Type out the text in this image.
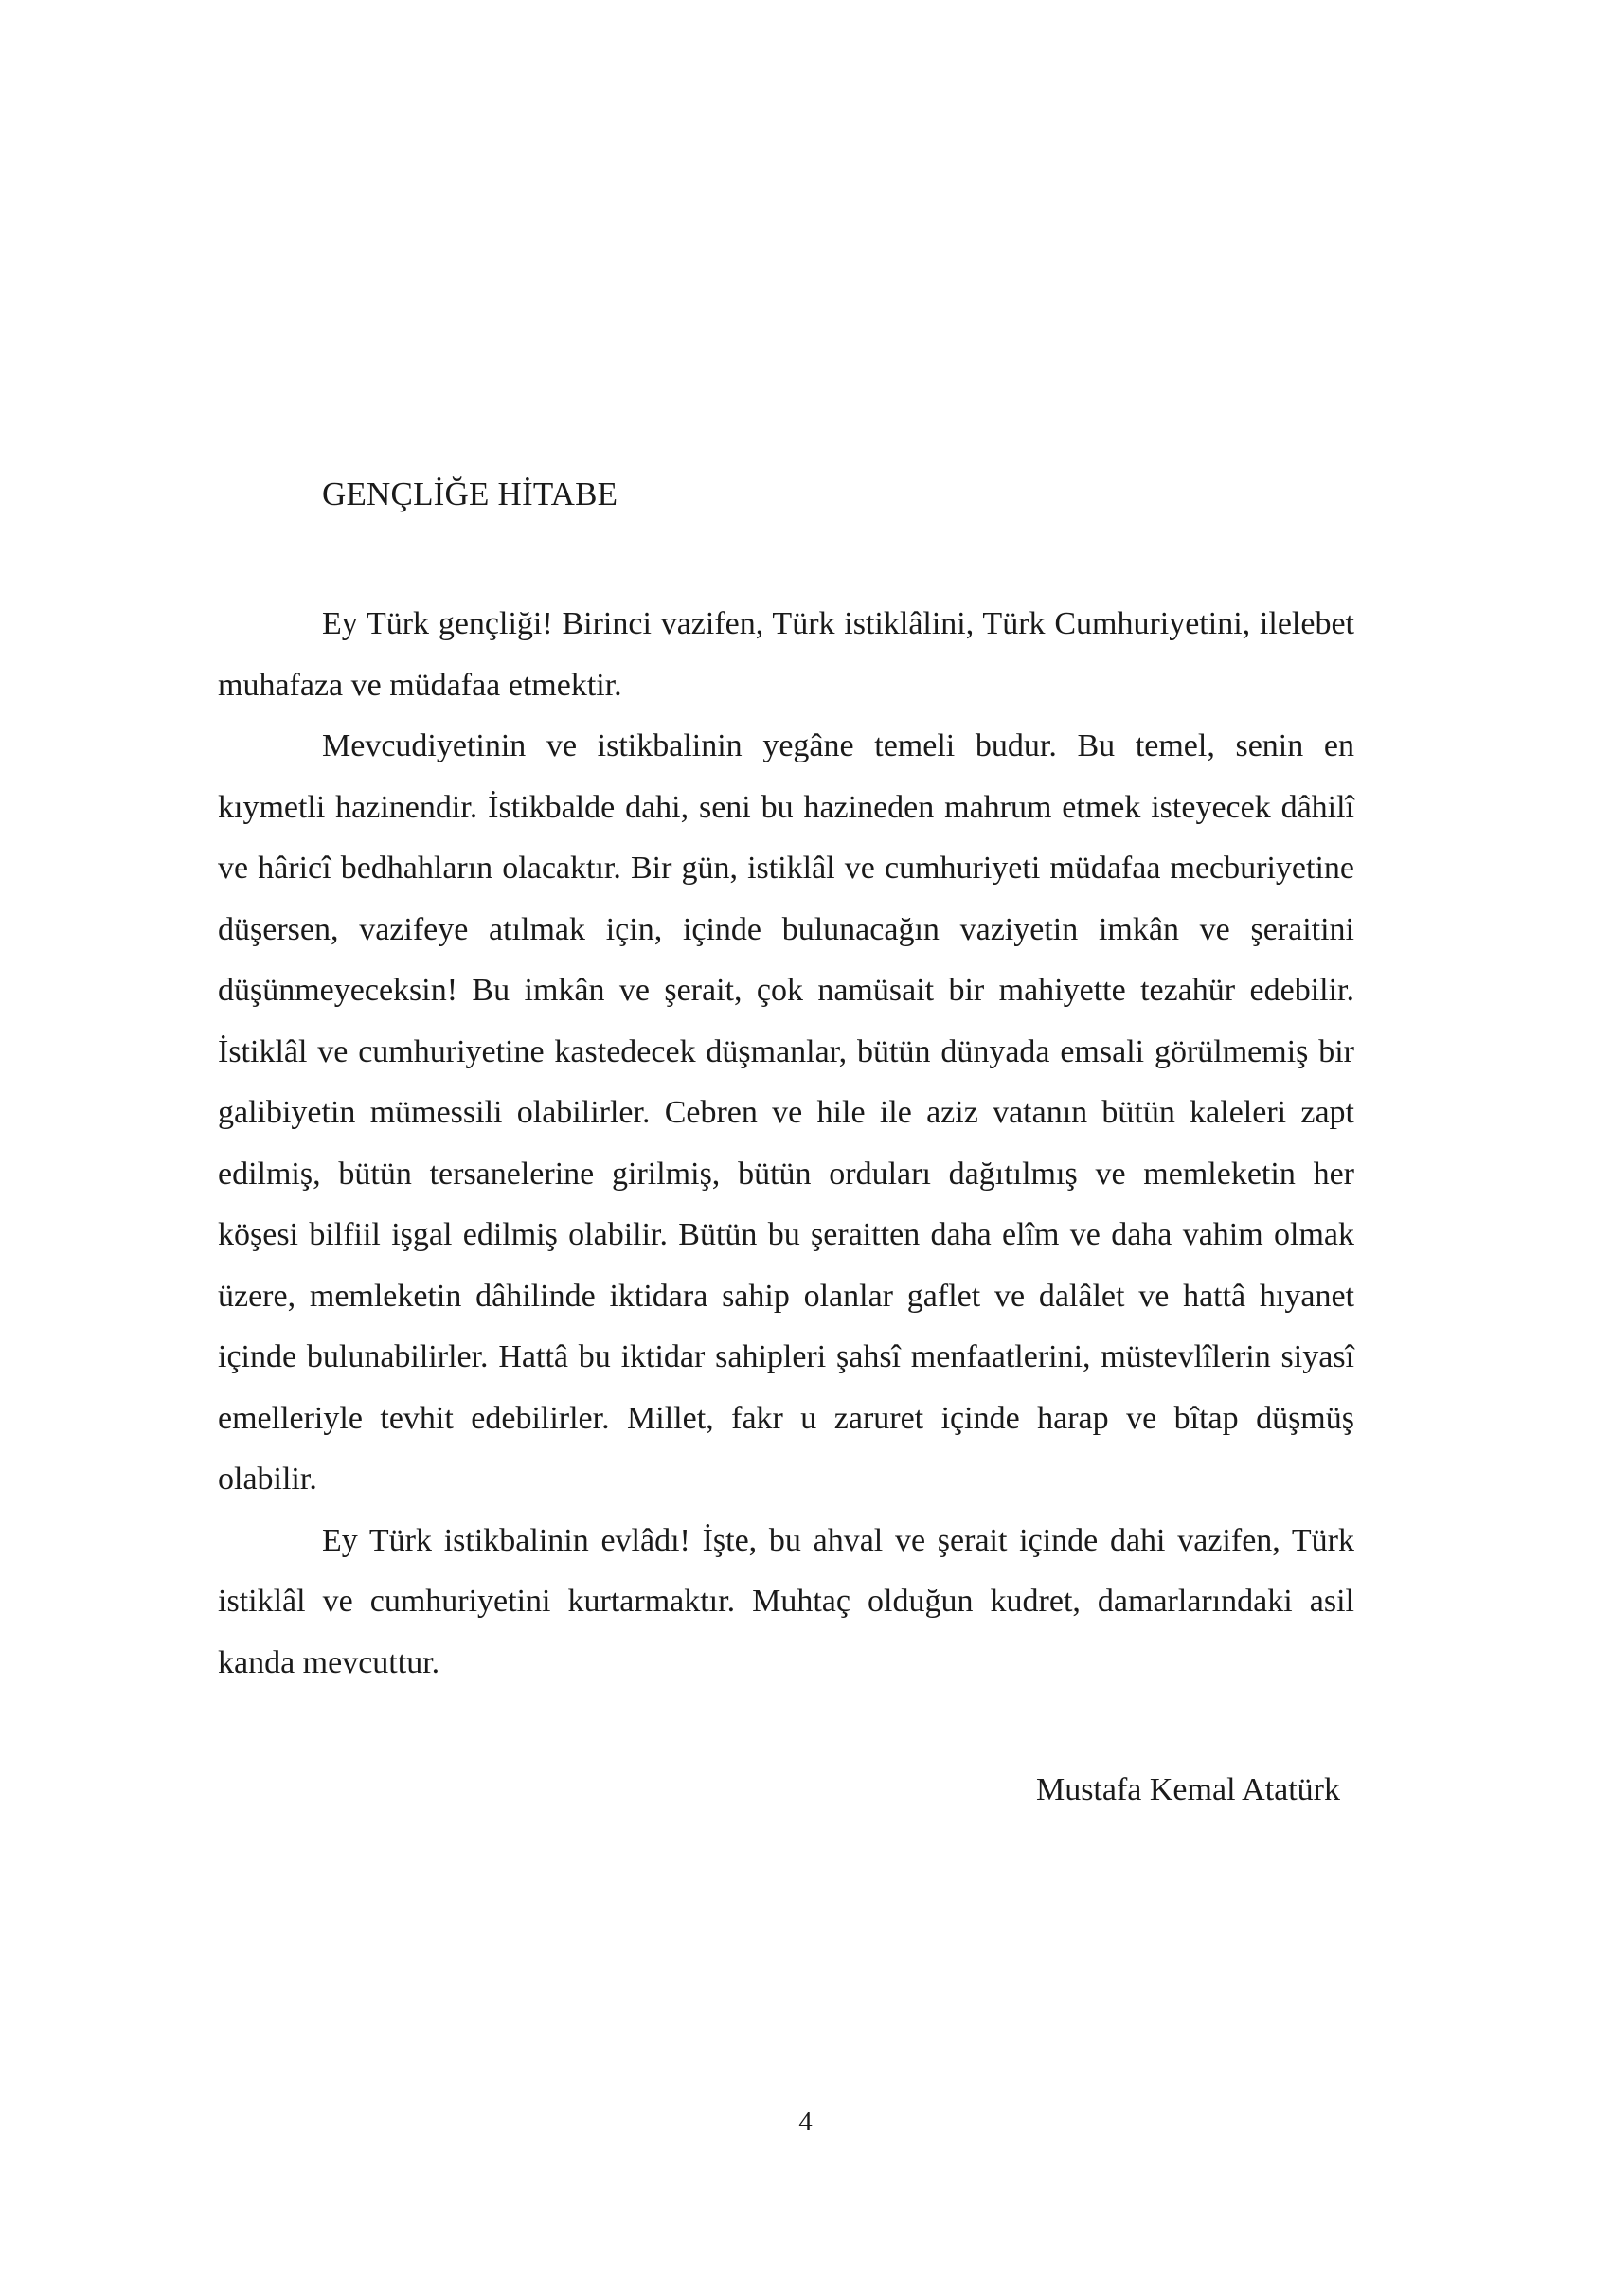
GENÇLİĞE HİTABE

Ey Türk gençliği! Birinci vazifen, Türk istiklâlini, Türk Cumhuriyetini, ilelebet muhafaza ve müdafaa etmektir.

Mevcudiyetinin ve istikbalinin yegâne temeli budur. Bu temel, senin en kıymetli hazinendir. İstikbalde dahi, seni bu hazineden mahrum etmek isteyecek dâhilî ve hâricî bedhahların olacaktır. Bir gün, istiklâl ve cumhuriyeti müdafaa mecburiyetine düşersen, vazifeye atılmak için, içinde bulunacağın vaziyetin imkân ve şeraitini düşünmeyeceksin! Bu imkân ve şerait, çok namüsait bir mahiyette tezahür edebilir. İstiklâl ve cumhuriyetine kastedecek düşmanlar, bütün dünyada emsali görülmemiş bir galibiyetin mümessili olabilirler. Cebren ve hile ile aziz vatanın bütün kaleleri zapt edilmiş, bütün tersanelerine girilmiş, bütün orduları dağıtılmış ve memleketin her köşesi bilfiil işgal edilmiş olabilir. Bütün bu şeraitten daha elîm ve daha vahim olmak üzere, memleketin dâhilinde iktidara sahip olanlar gaflet ve dalâlet ve hattâ hıyanet içinde bulunabilirler. Hattâ bu iktidar sahipleri şahsî menfaatlerini, müstevlîlerin siyasî emelleriyle tevhit edebilirler. Millet, fakr u zaruret içinde harap ve bîtap düşmüş olabilir.

Ey Türk istikbalinin evlâdı! İşte, bu ahval ve şerait içinde dahi vazifen, Türk istiklâl ve cumhuriyetini kurtarmaktır. Muhtaç olduğun kudret, damarlarındaki asil kanda mevcuttur.

Mustafa Kemal Atatürk

4
